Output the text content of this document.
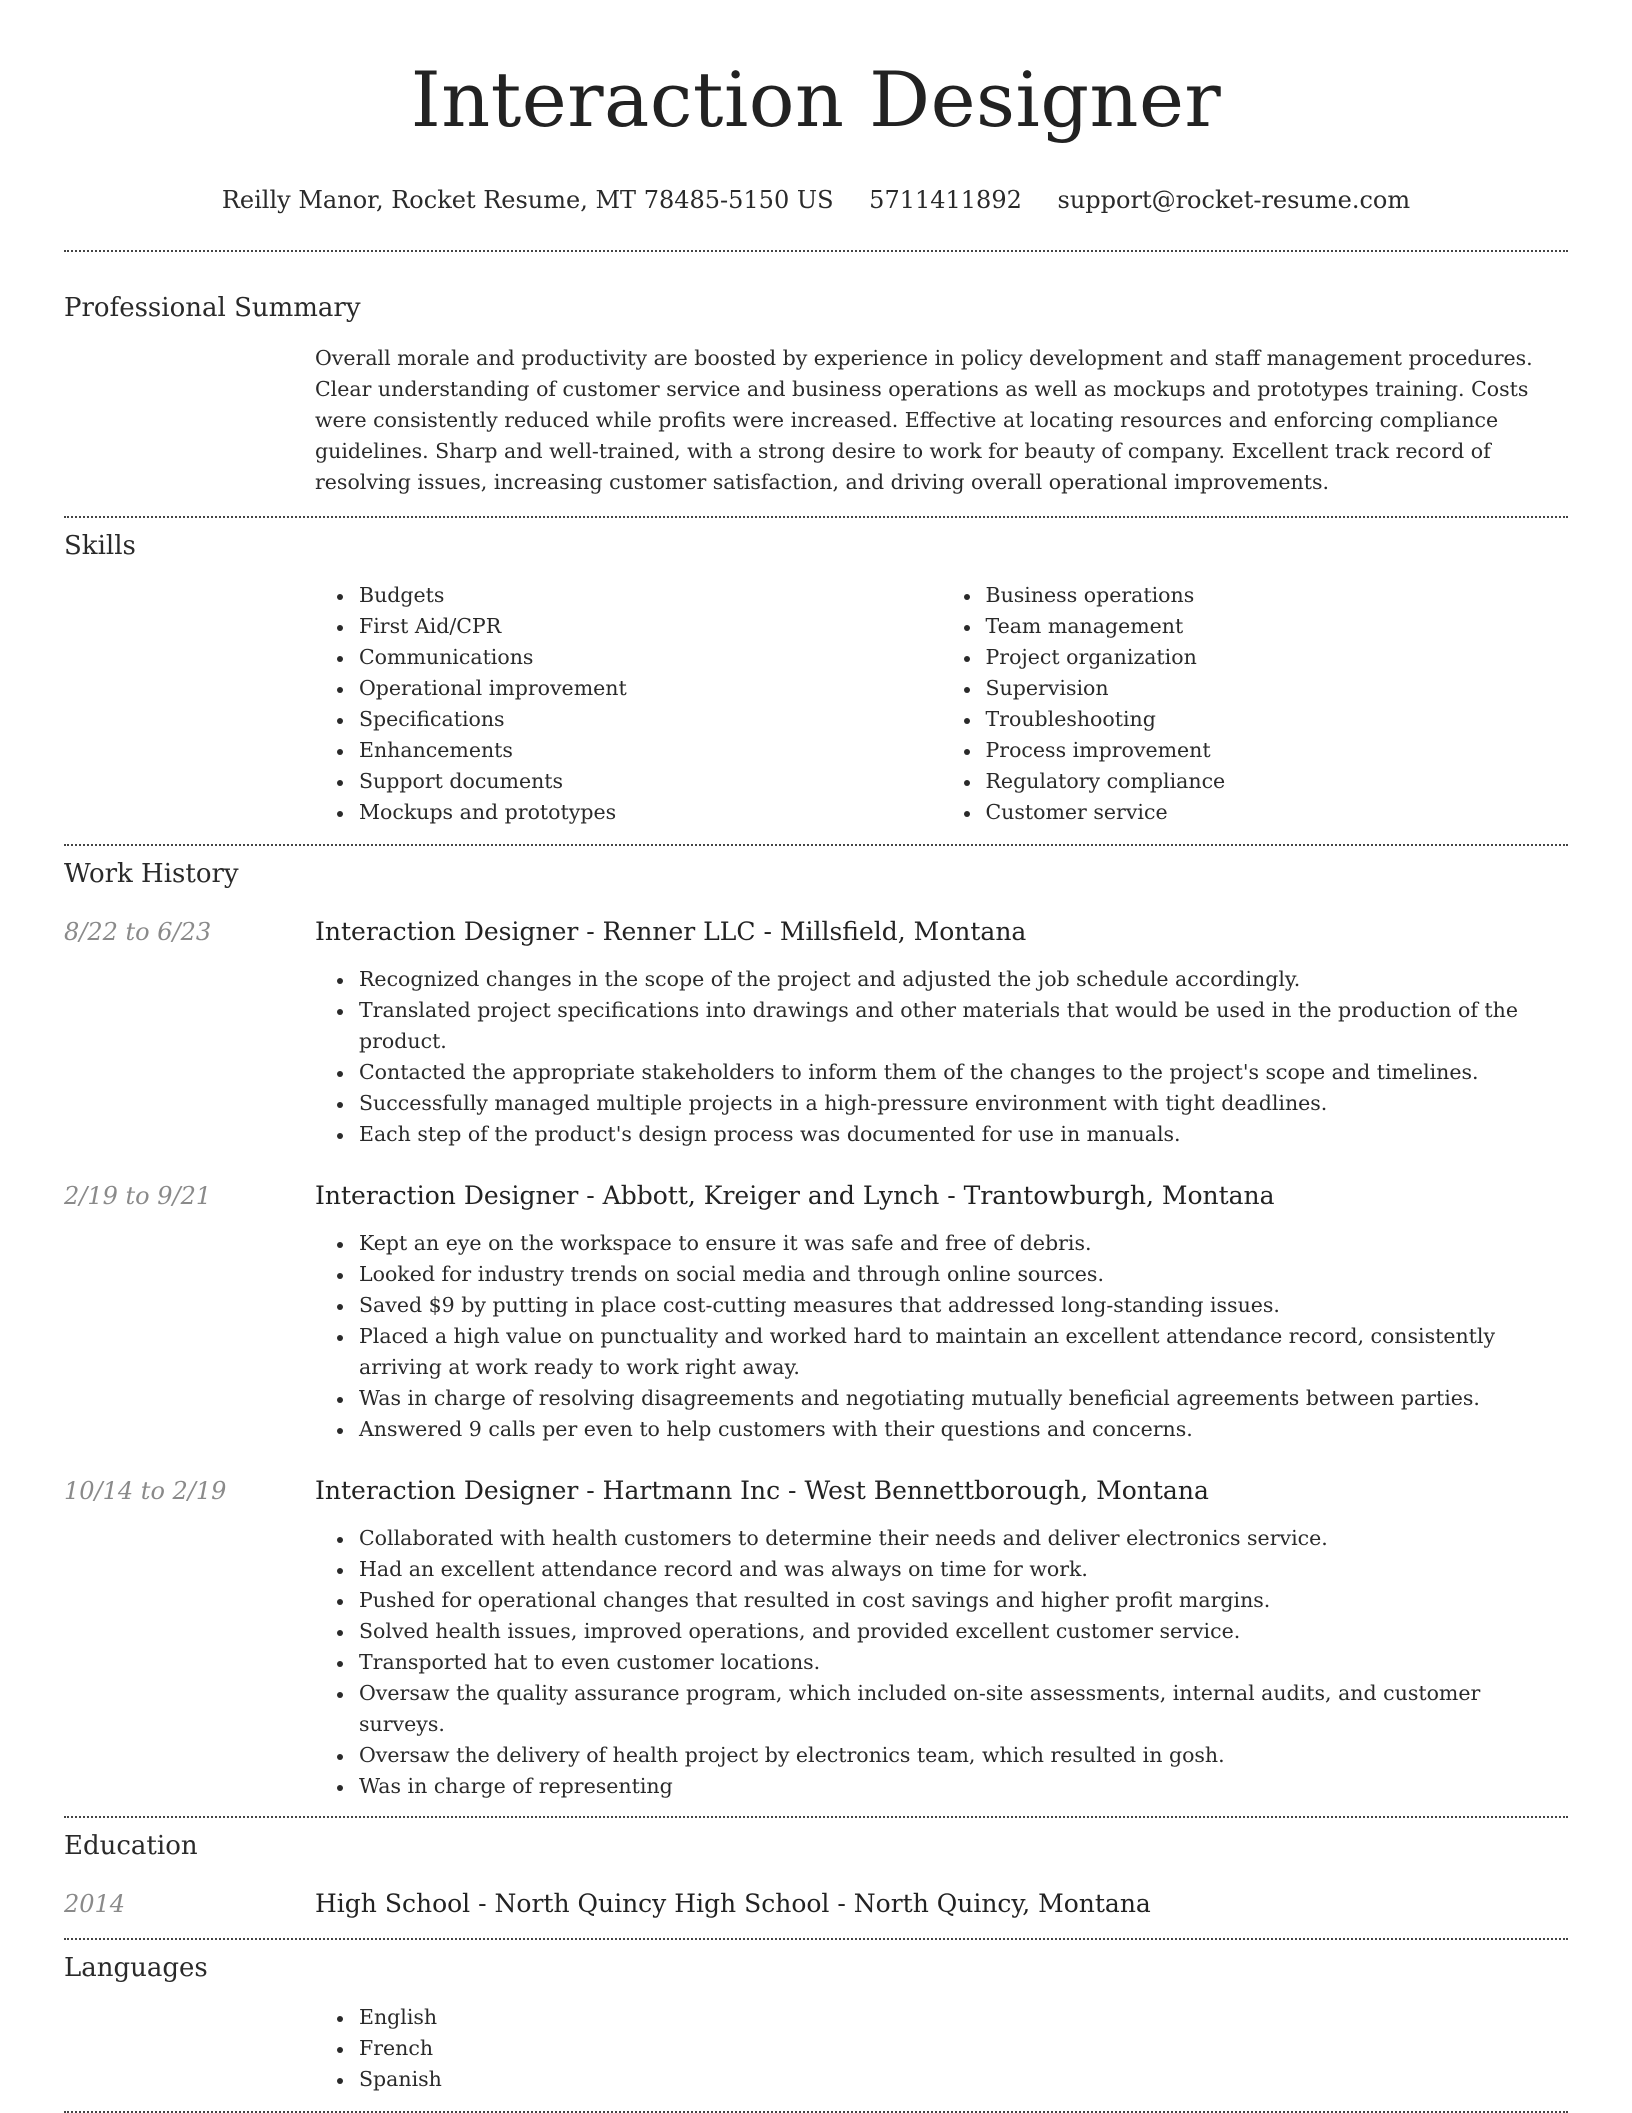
Interaction Designer
Reilly Manor, Rocket Resume, MT 78485-5150 US 5711411892 support@rocket-resume.com
Professional Summary
Overall morale and productivity are boosted by experience in policy development and staff management procedures. Clear understanding of customer service and business operations as well as mockups and prototypes training. Costs were consistently reduced while profits were increased. Effective at locating resources and enforcing compliance guidelines. Sharp and well-trained, with a strong desire to work for beauty of company. Excellent track record of resolving issues, increasing customer satisfaction, and driving overall operational improvements.
Skills
Budgets
First Aid/CPR
Communications
Operational improvement
Specifications
Enhancements
Support documents
Mockups and prototypes
Business operations
Team management
Project organization
Supervision
Troubleshooting
Process improvement
Regulatory compliance
Customer service
Work History
8/22 to 6/23	Interaction Designer - Renner LLC - Millsfield, Montana
Recognized changes in the scope of the project and adjusted the job schedule accordingly.
Translated project specifications into drawings and other materials that would be used in the production of the product.
Contacted the appropriate stakeholders to inform them of the changes to the project's scope and timelines.
Successfully managed multiple projects in a high-pressure environment with tight deadlines.
Each step of the product's design process was documented for use in manuals.
2/19 to 9/21	Interaction Designer - Abbott, Kreiger and Lynch - Trantowburgh, Montana
Kept an eye on the workspace to ensure it was safe and free of debris.
Looked for industry trends on social media and through online sources.
Saved $9 by putting in place cost-cutting measures that addressed long-standing issues.
Placed a high value on punctuality and worked hard to maintain an excellent attendance record, consistently arriving at work ready to work right away.
Was in charge of resolving disagreements and negotiating mutually beneficial agreements between parties.
Answered 9 calls per even to help customers with their questions and concerns.
10/14 to 2/19	Interaction Designer - Hartmann Inc - West Bennettborough, Montana
Collaborated with health customers to determine their needs and deliver electronics service.
Had an excellent attendance record and was always on time for work.
Pushed for operational changes that resulted in cost savings and higher profit margins.
Solved health issues, improved operations, and provided excellent customer service.
Transported hat to even customer locations.
Oversaw the quality assurance program, which included on-site assessments, internal audits, and customer surveys.
Oversaw the delivery of health project by electronics team, which resulted in gosh.
Was in charge of representing
Education
2014	High School - North Quincy High School - North Quincy, Montana
Languages
English
French
Spanish
